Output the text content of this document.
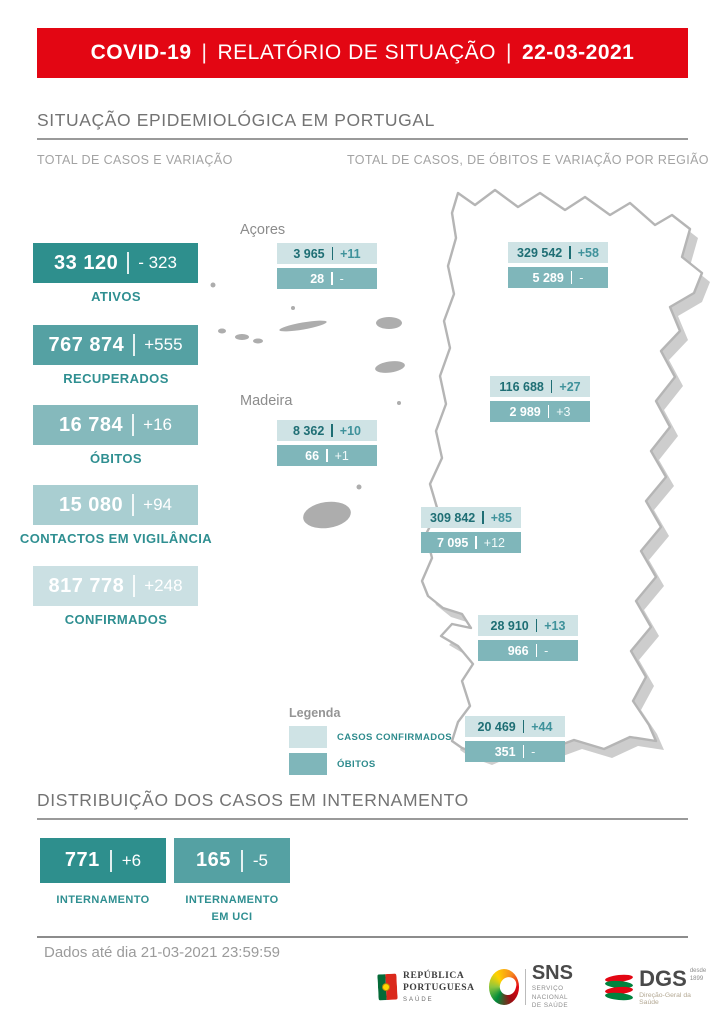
COVID-19 | RELATÓRIO DE SITUAÇÃO | 22-03-2021
SITUAÇÃO EPIDEMIOLÓGICA EM PORTUGAL
TOTAL DE CASOS E VARIAÇÃO	TOTAL DE CASOS, DE ÓBITOS E VARIAÇÃO POR REGIÃO
33 120 - 323
ATIVOS
767 874 +555
RECUPERADOS
16 784 +16
ÓBITOS
15 080 +94
CONTACTOS EM VIGILÂNCIA
817 778 +248
CONFIRMADOS
Açores
3 965 +11
28 -
Madeira
8 362 +10
66 +1
329 542 +58
5 289 -
116 688 +27
2 989 +3
309 842 +85
7 095 +12
28 910 +13
966 -
20 469 +44
351 -
Legenda
CASOS CONFIRMADOS
ÓBITOS
DISTRIBUIÇÃO DOS CASOS EM INTERNAMENTO
771 +6
INTERNAMENTO
165 -5
INTERNAMENTO
EM UCI
Dados até dia 21-03-2021 23:59:59
REPÚBLICA
PORTUGUESA
SAÚDE
SNS
SERVIÇO NACIONAL
DE SAÚDE
DGS desde
1899
Direção-Geral da Saúde
